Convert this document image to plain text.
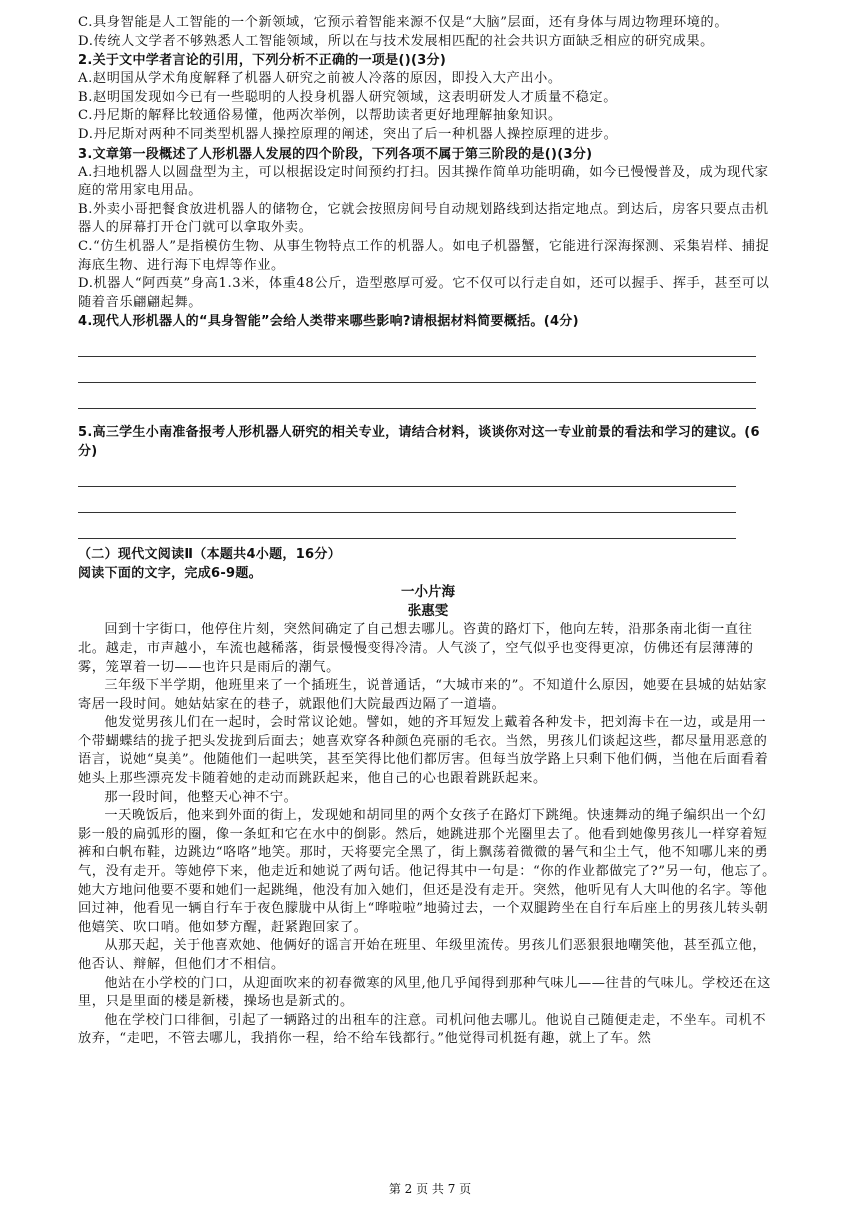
C.具身智能是人工智能的一个新领域，它预示着智能来源不仅是“大脑”层面，还有身体与周边物理环境的。

D.传统人文学者不够熟悉人工智能领域，所以在与技术发展相匹配的社会共识方面缺乏相应的研究成果。

2.关于文中学者言论的引用，下列分析不正确的一项是()(3分)

A.赵明国从学术角度解释了机器人研究之前被人冷落的原因，即投入大产出小。

B.赵明国发现如今已有一些聪明的人投身机器人研究领域，这表明研发人才质量不稳定。

C.丹尼斯的解释比较通俗易懂，他两次举例，以帮助读者更好地理解抽象知识。

D.丹尼斯对两种不同类型机器人操控原理的阐述，突出了后一种机器人操控原理的进步。

3.文章第一段概述了人形机器人发展的四个阶段，下列各项不属于第三阶段的是()(3分)

A.扫地机器人以圆盘型为主，可以根据设定时间预约打扫。因其操作简单功能明确，如今已慢慢普及，成为现代家庭的常用家电用品。

B.外卖小哥把餐食放进机器人的储物仓，它就会按照房间号自动规划路线到达指定地点。到达后，房客只要点击机器人的屏幕打开仓门就可以拿取外卖。

C.“仿生机器人”是指模仿生物、从事生物特点工作的机器人。如电子机器蟹，它能进行深海探测、采集岩样、捕捉海底生物、进行海下电焊等作业。

D.机器人“阿西莫”身高1.3米，体重48公斤，造型憨厚可爱。它不仅可以行走自如，还可以握手、挥手，甚至可以随着音乐翩翩起舞。

4.现代人形机器人的“具身智能”会给人类带来哪些影响?请根据材料简要概括。(4分)

5.高三学生小南准备报考人形机器人研究的相关专业，请结合材料，谈谈你对这一专业前景的看法和学习的建议。(6分)

（二）现代文阅读Ⅱ（本题共4小题，16分）

阅读下面的文字，完成6-9题。

一小片海

张惠雯

回到十字街口，他停住片刻，突然间确定了自己想去哪儿。咨黄的路灯下，他向左转，沿那条南北街一直往北。越走，市声越小，车流也越稀落，街景慢慢变得冷清。人气淡了，空气似乎也变得更凉，仿佛还有层薄薄的雾，笼罩着一切——也许只是雨后的潮气。

三年级下半学期，他班里来了一个插班生，说普通话，“大城市来的”。不知道什么原因，她要在县城的姑姑家寄居一段时间。她姑姑家在的巷子，就跟他们大院最西边隔了一道墙。

他发觉男孩儿们在一起时，会时常议论她。譬如，她的齐耳短发上戴着各种发卡，把刘海卡在一边，或是用一个带蝴蝶结的拢子把头发拢到后面去；她喜欢穿各种颜色亮丽的毛衣。当然，男孩儿们谈起这些，都尽量用恶意的语言，说她“臭美”。他随他们一起哄笑，甚至笑得比他们都厉害。但每当放学路上只剩下他们俩，当他在后面看着她头上那些漂亮发卡随着她的走动而跳跃起来，他自己的心也跟着跳跃起来。

那一段时间，他整天心神不宁。

一天晚饭后，他来到外面的街上，发现她和胡同里的两个女孩子在路灯下跳绳。快速舞动的绳子编织出一个幻影一般的扁弧形的圈，像一条虹和它在水中的倒影。然后，她跳进那个光圈里去了。他看到她像男孩儿一样穿着短裤和白帆布鞋，边跳边“咯咯”地笑。那时，天将要完全黑了，街上飘荡着微微的暑气和尘土气，他不知哪儿来的勇气，没有走开。等她停下来，他走近和她说了两句话。他记得其中一句是：“你的作业都做完了?”另一句，他忘了。她大方地问他要不要和她们一起跳绳，他没有加入她们，但还是没有走开。突然，他听见有人大叫他的名字。等他回过神，他看见一辆自行车于夜色朦胧中从街上“哗啦啦”地骑过去，一个双腿跨坐在自行车后座上的男孩儿转头朝他嬉笑、吹口哨。他如梦方醒，赶紧跑回家了。

从那天起，关于他喜欢她、他俩好的谣言开始在班里、年级里流传。男孩儿们恶狠狠地嘲笑他，甚至孤立他，他否认、辩解，但他们才不相信。

他站在小学校的门口，从迎面吹来的初春微寒的风里,他几乎闻得到那种气味儿——往昔的气味儿。学校还在这里，只是里面的楼是新楼，操场也是新式的。

他在学校门口徘徊，引起了一辆路过的出租车的注意。司机问他去哪儿。他说自己随便走走，不坐车。司机不放弃，“走吧，不管去哪儿，我捎你一程，给不给车钱都行。”他觉得司机挺有趣，就上了车。然

第 2 页 共 7 页
